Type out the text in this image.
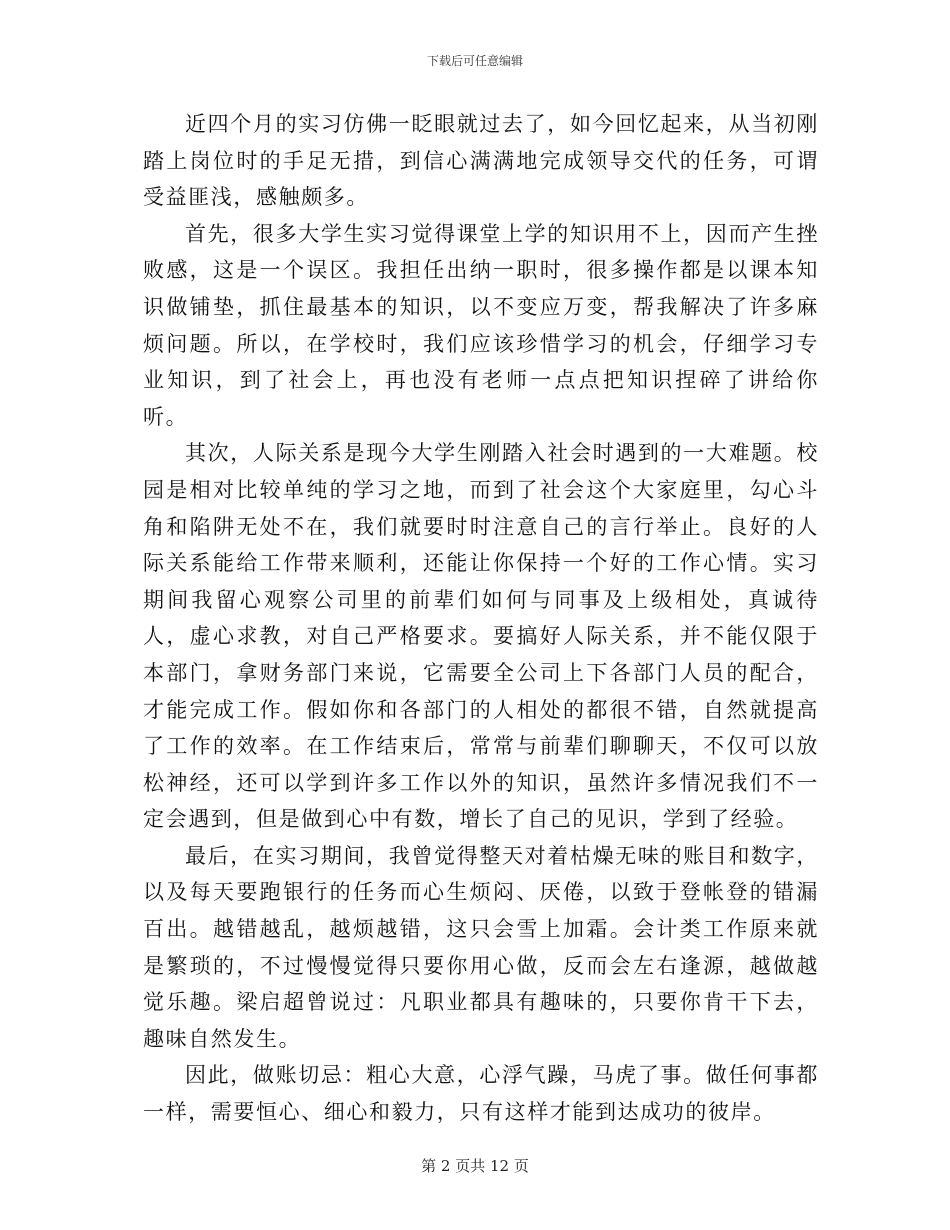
下载后可任意编辑

近四个月的实习仿佛一眨眼就过去了，如今回忆起来，从当初刚踏上岗位时的手足无措，到信心满满地完成领导交代的任务，可谓受益匪浅，感触颇多。

首先，很多大学生实习觉得课堂上学的知识用不上，因而产生挫败感，这是一个误区。我担任出纳一职时，很多操作都是以课本知识做铺垫，抓住最基本的知识，以不变应万变，帮我解决了许多麻烦问题。所以，在学校时，我们应该珍惜学习的机会，仔细学习专业知识，到了社会上，再也没有老师一点点把知识捏碎了讲给你听。

其次，人际关系是现今大学生刚踏入社会时遇到的一大难题。校园是相对比较单纯的学习之地，而到了社会这个大家庭里，勾心斗角和陷阱无处不在，我们就要时时注意自己的言行举止。良好的人际关系能给工作带来顺利，还能让你保持一个好的工作心情。实习期间我留心观察公司里的前辈们如何与同事及上级相处，真诚待人，虚心求教，对自己严格要求。要搞好人际关系，并不能仅限于本部门，拿财务部门来说，它需要全公司上下各部门人员的配合，才能完成工作。假如你和各部门的人相处的都很不错，自然就提高了工作的效率。在工作结束后，常常与前辈们聊聊天，不仅可以放松神经，还可以学到许多工作以外的知识，虽然许多情况我们不一定会遇到，但是做到心中有数，增长了自己的见识，学到了经验。

最后，在实习期间，我曾觉得整天对着枯燥无味的账目和数字，以及每天要跑银行的任务而心生烦闷、厌倦，以致于登帐登的错漏百出。越错越乱，越烦越错，这只会雪上加霜。会计类工作原来就是繁琐的，不过慢慢觉得只要你用心做，反而会左右逢源，越做越觉乐趣。梁启超曾说过：凡职业都具有趣味的，只要你肯干下去，趣味自然发生。

因此，做账切忌：粗心大意，心浮气躁，马虎了事。做任何事都一样，需要恒心、细心和毅力，只有这样才能到达成功的彼岸。

第 2 页共 12 页
